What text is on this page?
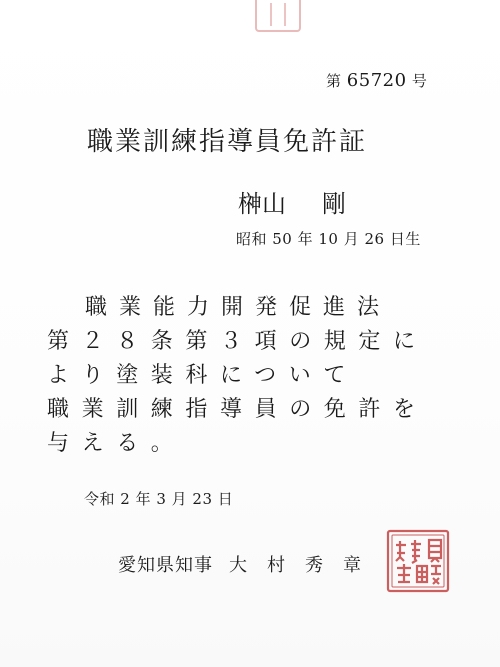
第 65720 号
職業訓練指導員免許証
榊山 剛
昭和 50 年 10 月 26 日生
職業能力開発促進法
第２８条第３項の規定に
より塗装科について
職業訓練指導員の免許を
与える。
令和 2 年 3 月 23 日
愛知県知事 大村秀章
